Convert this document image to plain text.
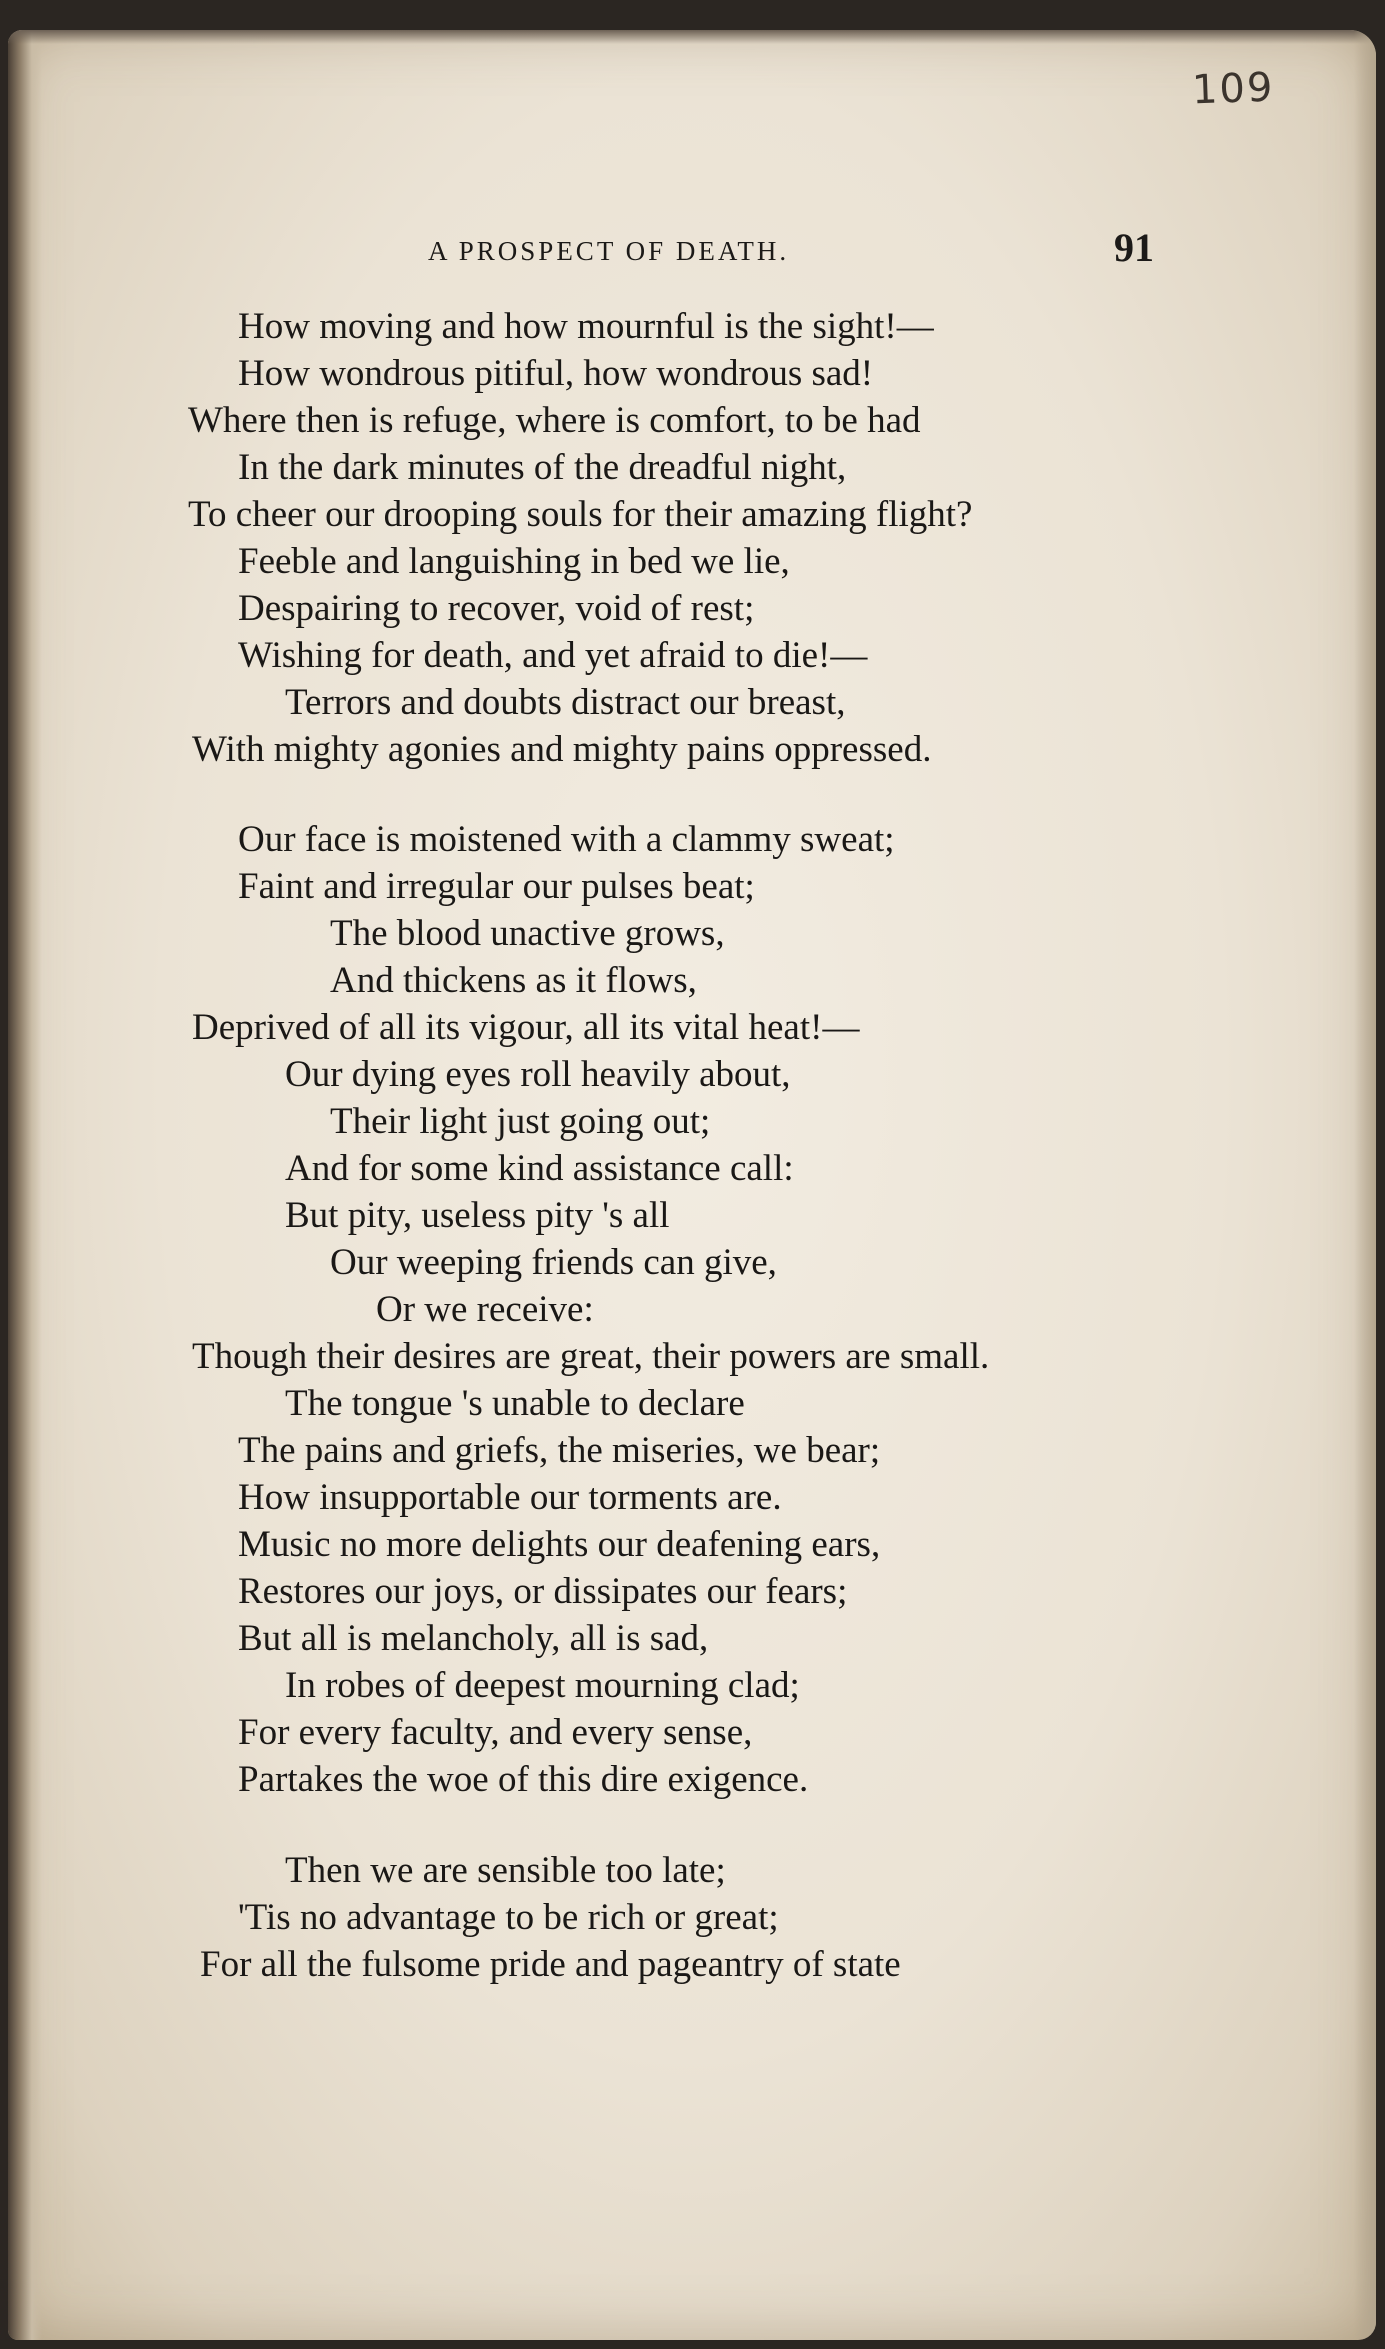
109
A PROSPECT OF DEATH.	91
How moving and how mournful is the sight!—
How wondrous pitiful, how wondrous sad!
Where then is refuge, where is comfort, to be had
In the dark minutes of the dreadful night,
To cheer our drooping souls for their amazing flight?
Feeble and languishing in bed we lie,
Despairing to recover, void of rest;
Wishing for death, and yet afraid to die!—
Terrors and doubts distract our breast,
With mighty agonies and mighty pains oppressed.
Our face is moistened with a clammy sweat;
Faint and irregular our pulses beat;
The blood unactive grows,
And thickens as it flows,
Deprived of all its vigour, all its vital heat!—
Our dying eyes roll heavily about,
Their light just going out;
And for some kind assistance call:
But pity, useless pity 's all
Our weeping friends can give,
Or we receive:
Though their desires are great, their powers are small.
The tongue 's unable to declare
The pains and griefs, the miseries, we bear;
How insupportable our torments are.
Music no more delights our deafening ears,
Restores our joys, or dissipates our fears;
But all is melancholy, all is sad,
In robes of deepest mourning clad;
For every faculty, and every sense,
Partakes the woe of this dire exigence.
Then we are sensible too late;
'Tis no advantage to be rich or great;
For all the fulsome pride and pageantry of state
